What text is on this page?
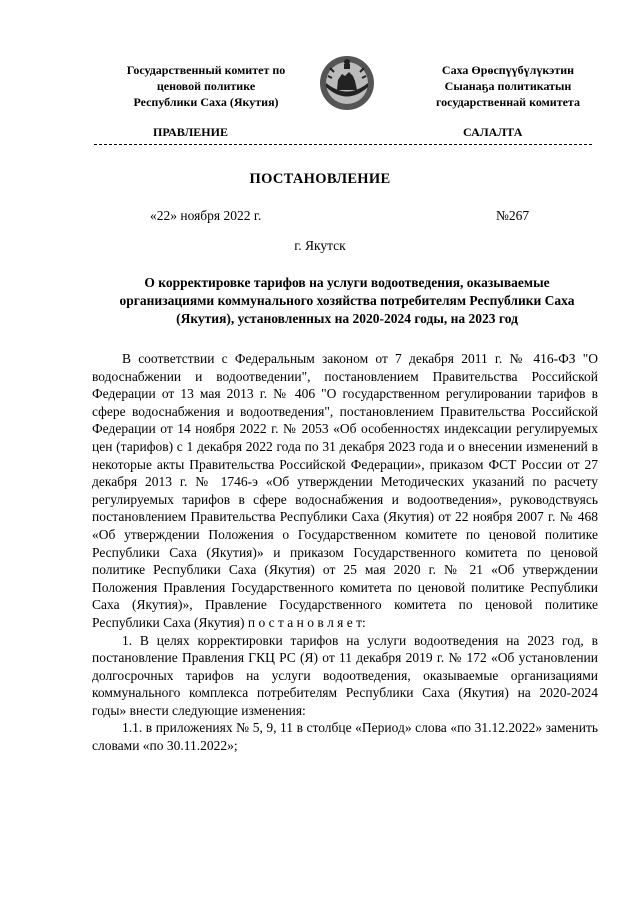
Государственный комитет по
ценовой политике
Республики Саха (Якутия)
Саха Өрөспүүбүлүкэтин
Сыанаҕа политикатын
государственнай комитета
ПРАВЛЕНИЕ	САЛАЛТА
ПОСТАНОВЛЕНИЕ
«22» ноября 2022 г.	№267
г. Якутск
О корректировке тарифов на услуги водоотведения, оказываемые организациями коммунального хозяйства потребителям Республики Саха (Якутия), установленных на 2020-2024 годы, на 2023 год

В соответствии с Федеральным законом от 7 декабря 2011 г. № 416-ФЗ "О водоснабжении и водоотведении", постановлением Правительства Российской Федерации от 13 мая 2013 г. № 406 "О государственном регулировании тарифов в сфере водоснабжения и водоотведения", постановлением Правительства Российской Федерации от 14 ноября 2022 г. № 2053 «Об особенностях индексации регулируемых цен (тарифов) с 1 декабря 2022 года по 31 декабря 2023 года и о внесении изменений в некоторые акты Правительства Российской Федерации», приказом ФСТ России от 27 декабря 2013 г. № 1746-э «Об утверждении Методических указаний по расчету регулируемых тарифов в сфере водоснабжения и водоотведения», руководствуясь постановлением Правительства Республики Саха (Якутия) от 22 ноября 2007 г. № 468 «Об утверждении Положения о Государственном комитете по ценовой политике Республики Саха (Якутия)» и приказом Государственного комитета по ценовой политике Республики Саха (Якутия) от 25 мая 2020 г. № 21 «Об утверждении Положения Правления Государственного комитета по ценовой политике Республики Саха (Якутия)», Правление Государственного комитета по ценовой политике Республики Саха (Якутия) п о с т а н о в л я е т:

1. В целях корректировки тарифов на услуги водоотведения на 2023 год, в постановление Правления ГКЦ РС (Я) от 11 декабря 2019 г. № 172 «Об установлении долгосрочных тарифов на услуги водоотведения, оказываемые организациями коммунального комплекса потребителям Республики Саха (Якутия) на 2020-2024 годы» внести следующие изменения:

1.1. в приложениях № 5, 9, 11 в столбце «Период» слова «по 31.12.2022» заменить словами «по 30.11.2022»;
